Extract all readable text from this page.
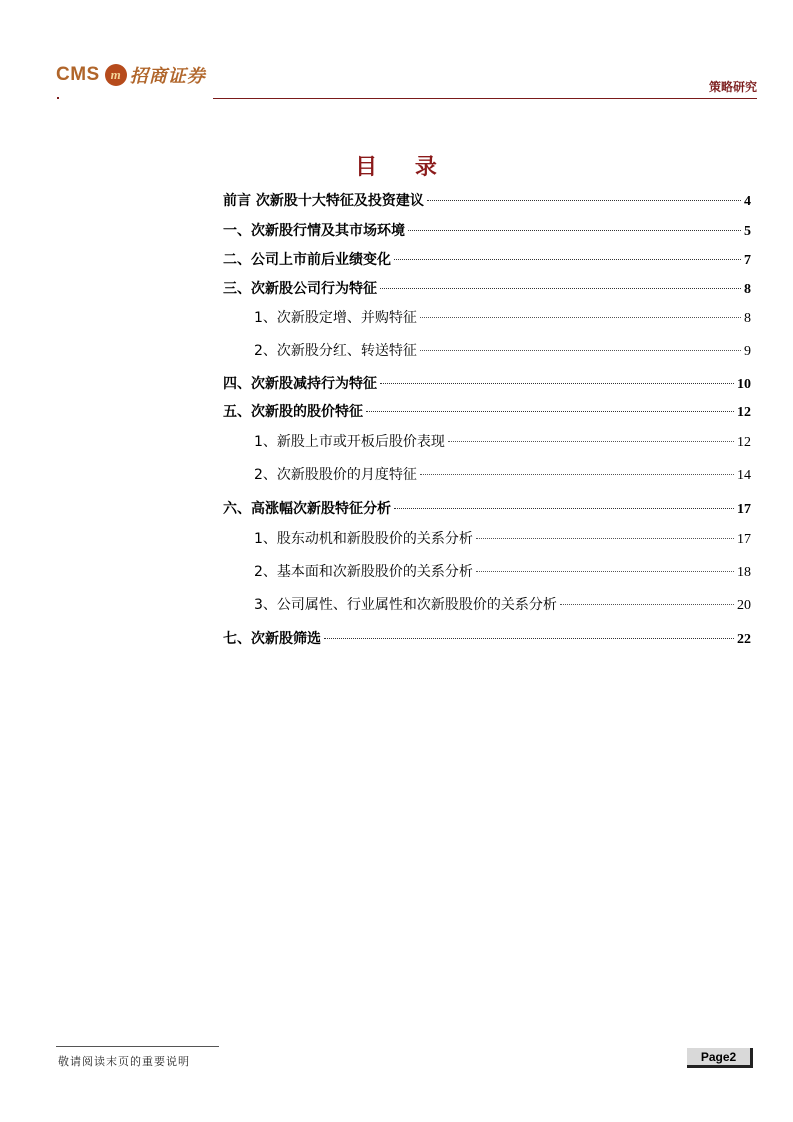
CMS m 招商证券	策略研究
目 录
前言 次新股十大特征及投资建议	4
一、次新股行情及其市场环境	5
二、公司上市前后业绩变化	7
三、次新股公司行为特征	8
1、次新股定增、并购特征	8
2、次新股分红、转送特征	9
四、次新股减持行为特征	10
五、次新股的股价特征	12
1、新股上市或开板后股价表现	12
2、次新股股价的月度特征	14
六、高涨幅次新股特征分析	17
1、股东动机和新股股价的关系分析	17
2、基本面和次新股股价的关系分析	18
3、公司属性、行业属性和次新股股价的关系分析	20
七、次新股筛选	22
敬请阅读末页的重要说明	Page2
